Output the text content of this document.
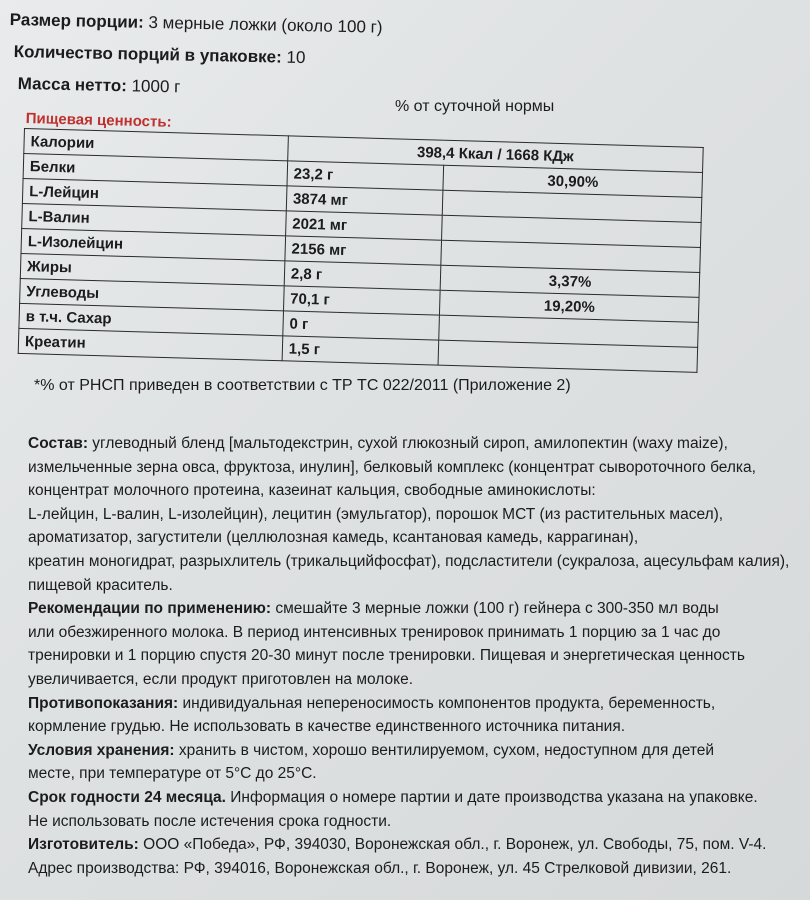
Размер порции: 3 мерные ложки (около 100 г)
Количество порций в упаковке: 10
Масса нетто: 1000 г
% от суточной нормы
Пищевая ценность:
Калории	398,4 Ккал / 1668 КДж	
Белки	23,2 г	30,90%
L-Лейцин	3874 мг	
L-Валин	2021 мг	
L-Изолейцин	2156 мг	
Жиры	2,8 г	3,37%
Углеводы	70,1 г	19,20%
в т.ч. Сахар	0 г	
Креатин	1,5 г	
*% от РНСП приведен в соответствии с ТР ТС 022/2011 (Приложение 2)
Состав: углеводный бленд [мальтодекстрин, сухой глюкозный сироп, амилопектин (waxy maize),
измельченные зерна овса, фруктоза, инулин], белковый комплекс (концентрат сывороточного белка,
концентрат молочного протеина, казеинат кальция, свободные аминокислоты:
L-лейцин, L-валин, L-изолейцин), лецитин (эмульгатор), порошок МСТ (из растительных масел),
ароматизатор, загустители (целлюлозная камедь, ксантановая камедь, каррагинан),
креатин моногидрат, разрыхлитель (трикальцийфосфат), подсластители (сукралоза, ацесульфам калия),
пищевой краситель.
Рекомендации по применению: смешайте 3 мерные ложки (100 г) гейнера с 300-350 мл воды
или обезжиренного молока. В период интенсивных тренировок принимать 1 порцию за 1 час до
тренировки и 1 порцию спустя 20-30 минут после тренировки. Пищевая и энергетическая ценность
увеличивается, если продукт приготовлен на молоке.
Противопоказания: индивидуальная непереносимость компонентов продукта, беременность,
кормление грудью. Не использовать в качестве единственного источника питания.
Условия хранения: хранить в чистом, хорошо вентилируемом, сухом, недоступном для детей
месте, при температуре от 5°С до 25°С.
Срок годности 24 месяца. Информация о номере партии и дате производства указана на упаковке.
Не использовать после истечения срока годности.
Изготовитель: ООО «Победа», РФ, 394030, Воронежская обл., г. Воронеж, ул. Свободы, 75, пом. V-4.
Адрес производства: РФ, 394016, Воронежская обл., г. Воронеж, ул. 45 Стрелковой дивизии, 261.
